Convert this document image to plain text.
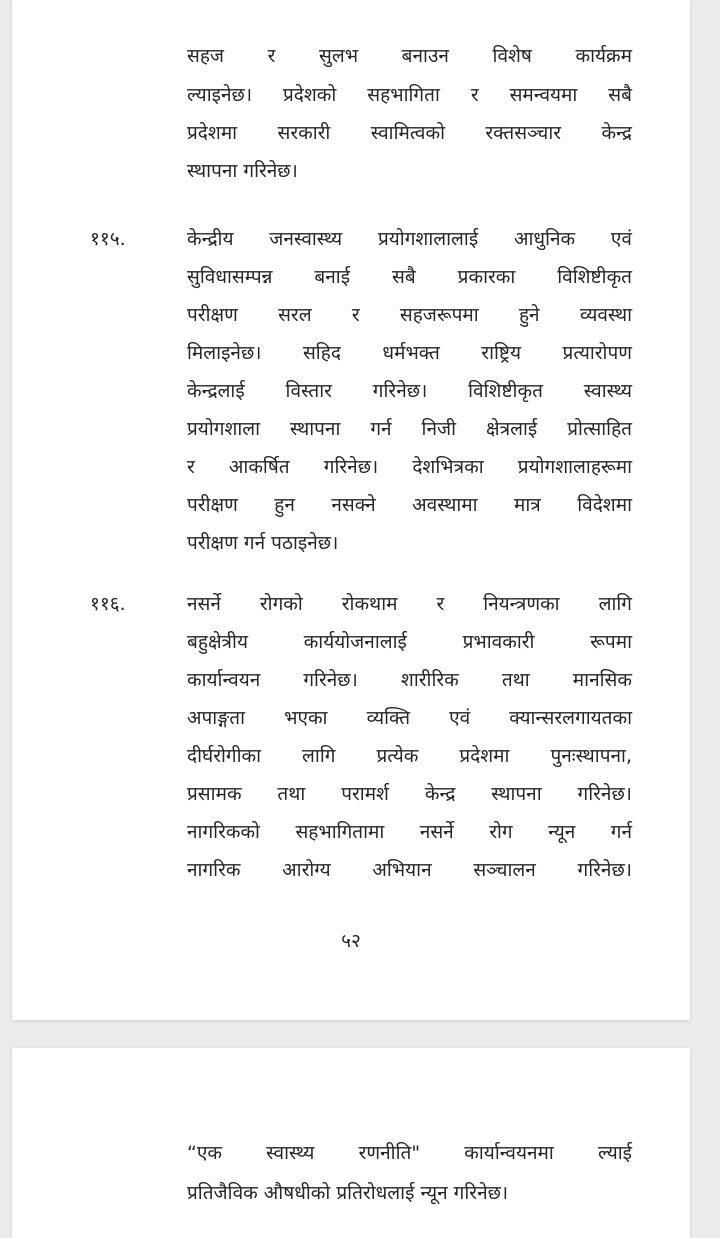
सहज र सुलभ बनाउन विशेष कार्यक्रम
ल्याइनेछ। प्रदेशको सहभागिता र समन्वयमा सबै
प्रदेशमा सरकारी स्वामित्वको रक्तसञ्चार केन्द्र
स्थापना गरिनेछ।
११५.	केन्द्रीय जनस्वास्थ्य प्रयोगशालालाई आधुनिक एवं
सुविधासम्पन्न बनाई सबै प्रकारका विशिष्टीकृत
परीक्षण सरल र सहजरूपमा हुने व्यवस्था
मिलाइनेछ। सहिद धर्मभक्त राष्ट्रिय प्रत्यारोपण
केन्द्रलाई विस्तार गरिनेछ। विशिष्टीकृत स्वास्थ्य
प्रयोगशाला स्थापना गर्न निजी क्षेत्रलाई प्रोत्साहित
र आकर्षित गरिनेछ। देशभित्रका प्रयोगशालाहरूमा
परीक्षण हुन नसक्ने अवस्थामा मात्र विदेशमा
परीक्षण गर्न पठाइनेछ।
११६.	नसर्ने रोगको रोकथाम र नियन्त्रणका लागि
बहुक्षेत्रीय कार्ययोजनालाई प्रभावकारी रूपमा
कार्यान्वयन गरिनेछ। शारीरिक तथा मानसिक
अपाङ्गता भएका व्यक्ति एवं क्यान्सरलगायतका
दीर्घरोगीका लागि प्रत्येक प्रदेशमा पुनःस्थापना,
प्रसामक तथा परामर्श केन्द्र स्थापना गरिनेछ।
नागरिकको सहभागितामा नसर्ने रोग न्यून गर्न
नागरिक आरोग्य अभियान सञ्चालन गरिनेछ।
५२
“एक स्वास्थ्य रणनीति" कार्यान्वयनमा ल्याई
प्रतिजैविक औषधीको प्रतिरोधलाई न्यून गरिनेछ।
